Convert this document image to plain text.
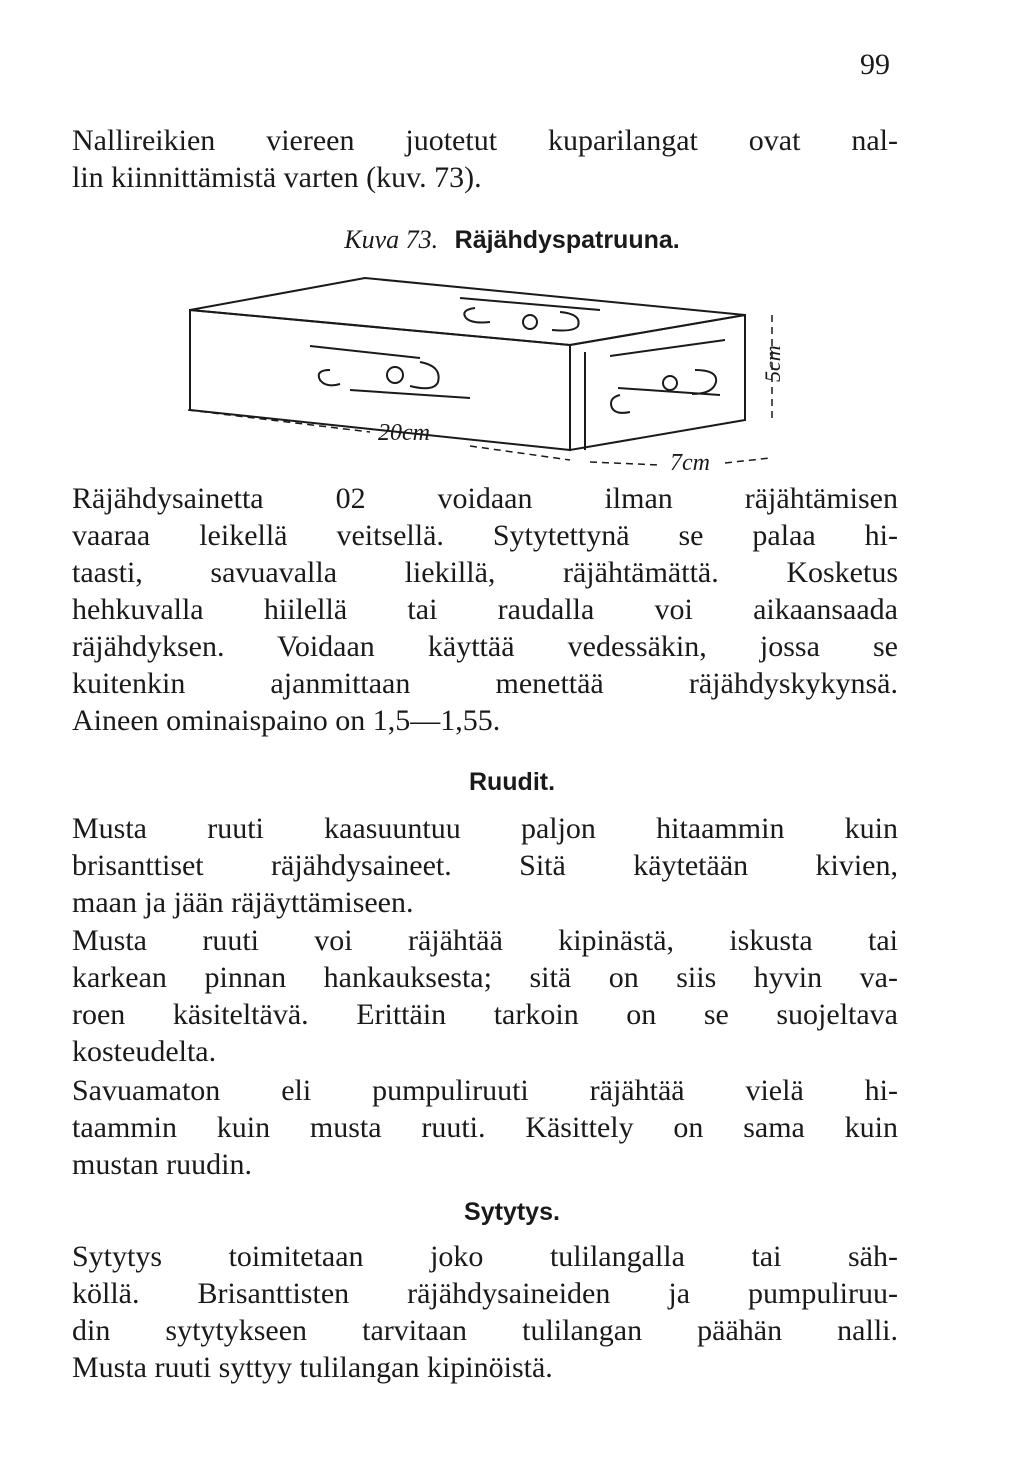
99
Nallireikien viereen juotetut kuparilangat ovat nal-
lin kiinnittämistä varten (kuv. 73).
Kuva 73. Räjähdyspatruuna.
20cm
7cm
5cm
Räjähdysainetta 02 voidaan ilman räjähtämisen
vaaraa leikellä veitsellä. Sytytettynä se palaa hi-
taasti, savuavalla liekillä, räjähtämättä. Kosketus
hehkuvalla hiilellä tai raudalla voi aikaansaada
räjähdyksen. Voidaan käyttää vedessäkin, jossa se
kuitenkin ajanmittaan menettää räjähdyskykynsä.
Aineen ominaispaino on 1,5—1,55.
Ruudit.
Musta ruuti kaasuuntuu paljon hitaammin kuin
brisanttiset räjähdysaineet. Sitä käytetään kivien,
maan ja jään räjäyttämiseen.
Musta ruuti voi räjähtää kipinästä, iskusta tai
karkean pinnan hankauksesta; sitä on siis hyvin va-
roen käsiteltävä. Erittäin tarkoin on se suojeltava
kosteudelta.
Savuamaton eli pumpuliruuti räjähtää vielä hi-
taammin kuin musta ruuti. Käsittely on sama kuin
mustan ruudin.
Sytytys.
Sytytys toimitetaan joko tulilangalla tai säh-
köllä. Brisanttisten räjähdysaineiden ja pumpuliruu-
din sytytykseen tarvitaan tulilangan päähän nalli.
Musta ruuti syttyy tulilangan kipinöistä.
